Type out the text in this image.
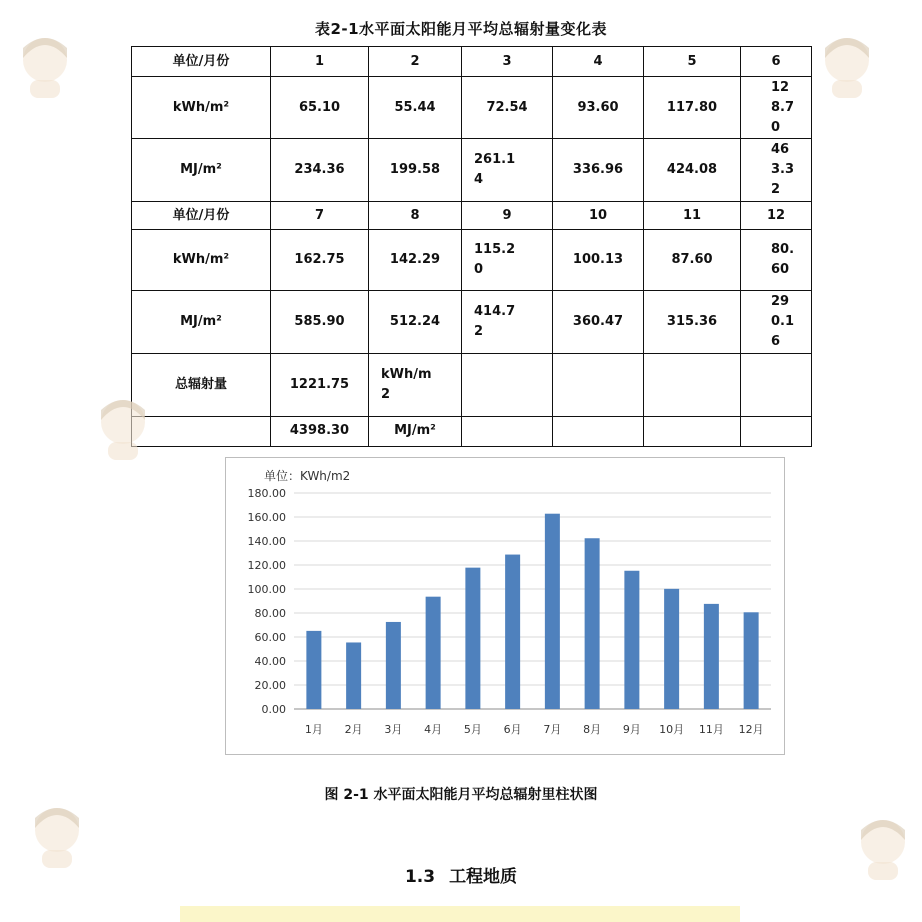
表2-1水平面太阳能月平均总辐射量变化表
单位/月份	1	2	3	4	5	6
kWh/m²	65.10	55.44	72.54	93.60	117.80	128.70
MJ/m²	234.36	199.58	261.14	336.96	424.08	463.32
单位/月份	7	8	9	10	11	12
kWh/m²	162.75	142.29	115.20	100.13	87.60	80.60
MJ/m²	585.90	512.24	414.72	360.47	315.36	290.16
总辐射量	1221.75	kWh/m2				
	4398.30	MJ/m²				
单位：KWh/m2
0.00
20.00
40.00
60.00
80.00
100.00
120.00
140.00
160.00
180.00
1月 2月 3月 4月 5月 6月 7月 8月 9月 10月 11月 12月
图 2-1 水平面太阳能月平均总辐射里柱状图
1.3 工程地质
